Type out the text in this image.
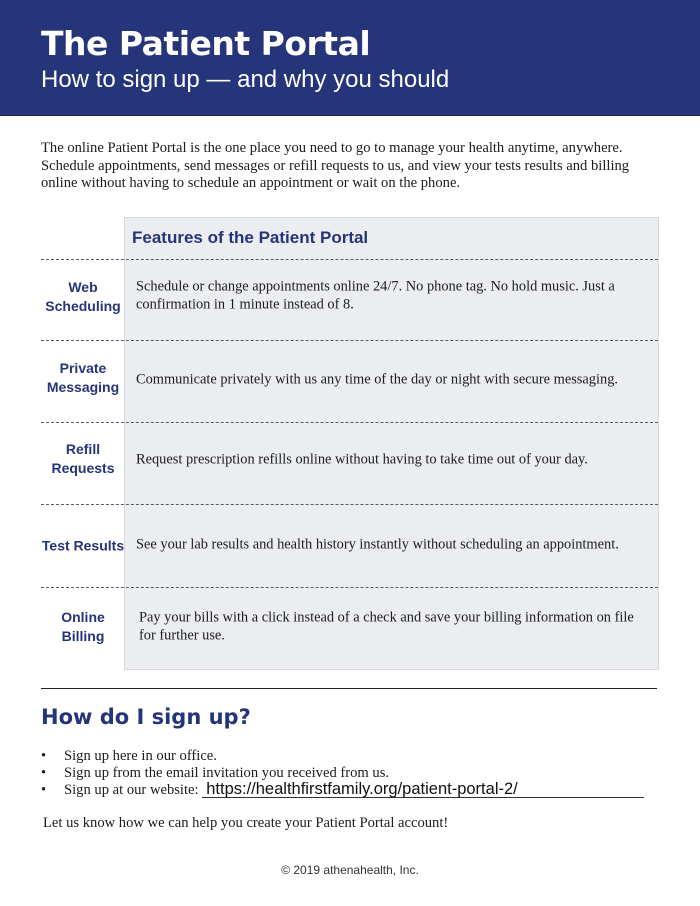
The Patient Portal
How to sign up — and why you should

The online Patient Portal is the one place you need to go to manage your health anytime, anywhere. Schedule appointments, send messages or refill requests to us, and view your tests results and billing online without having to schedule an appointment or wait on the phone.

Features of the Patient Portal
Web
Scheduling
Schedule or change appointments online 24/7. No phone tag. No hold music. Just a confirmation in 1 minute instead of 8.
Private
Messaging	Communicate privately with us any time of the day or night with secure messaging.
Refill
Requests
Request prescription refills online without having to take time out of your day.
Test Results See your lab results and health history instantly without scheduling an appointment.
Online
Billing
Pay your bills with a click instead of a check and save your billing information on file for further use.
How do I sign up?
• Sign up here in our office.
• Sign up from the email invitation you received from us.
• Sign up at our website: https://healthfirstfamily.org/patient-portal-2/
Let us know how we can help you create your Patient Portal account!
© 2019 athenahealth, Inc.
